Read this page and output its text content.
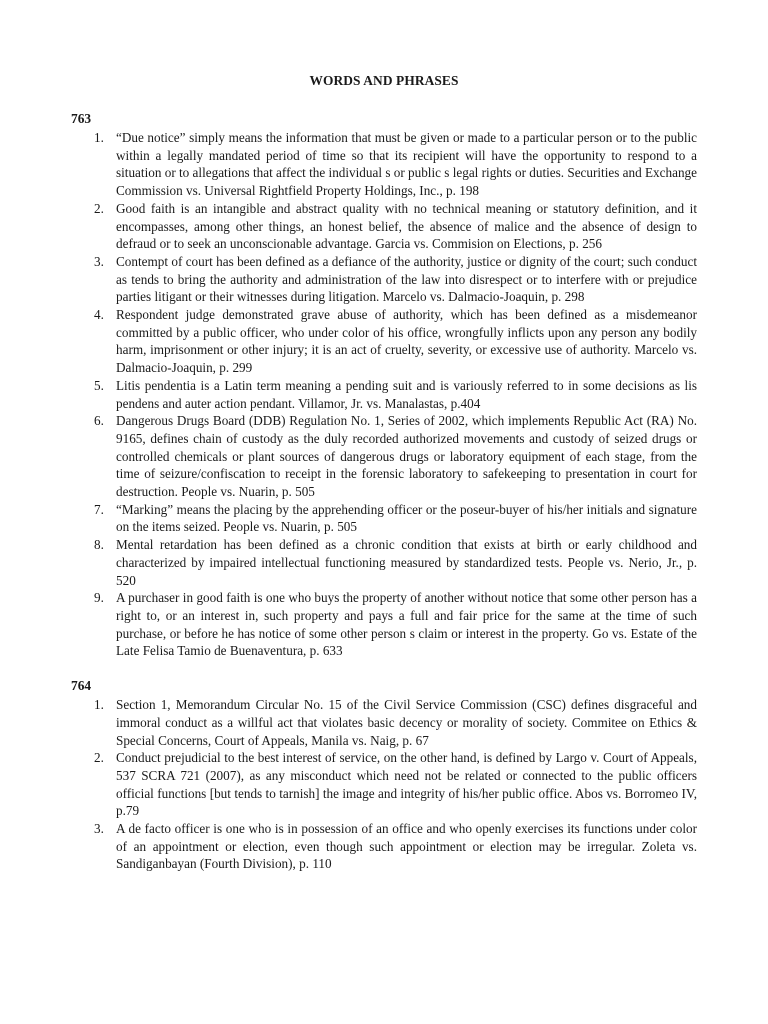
WORDS AND PHRASES
763
1. “Due notice” simply means the information that must be given or made to a particular person or to the public within a legally mandated period of time so that its recipient will have the opportunity to respond to a situation or to allegations that affect the individual s or public s legal rights or duties. Securities and Exchange Commission vs. Universal Rightfield Property Holdings, Inc., p. 198
2. Good faith is an intangible and abstract quality with no technical meaning or statutory definition, and it encompasses, among other things, an honest belief, the absence of malice and the absence of design to defraud or to seek an unconscionable advantage. Garcia vs. Commision on Elections, p. 256
3. Contempt of court has been defined as a defiance of the authority, justice or dignity of the court; such conduct as tends to bring the authority and administration of the law into disrespect or to interfere with or prejudice parties litigant or their witnesses during litigation. Marcelo vs. Dalmacio-Joaquin, p. 298
4. Respondent judge demonstrated grave abuse of authority, which has been defined as a misdemeanor committed by a public officer, who under color of his office, wrongfully inflicts upon any person any bodily harm, imprisonment or other injury; it is an act of cruelty, severity, or excessive use of authority. Marcelo vs. Dalmacio-Joaquin, p. 299
5. Litis pendentia is a Latin term meaning a pending suit and is variously referred to in some decisions as lis pendens and auter action pendant. Villamor, Jr. vs. Manalastas, p.404
6. Dangerous Drugs Board (DDB) Regulation No. 1, Series of 2002, which implements Republic Act (RA) No. 9165, defines chain of custody as the duly recorded authorized movements and custody of seized drugs or controlled chemicals or plant sources of dangerous drugs or laboratory equipment of each stage, from the time of seizure/confiscation to receipt in the forensic laboratory to safekeeping to presentation in court for destruction. People vs. Nuarin, p. 505
7. “Marking” means the placing by the apprehending officer or the poseur-buyer of his/her initials and signature on the items seized. People vs. Nuarin, p. 505
8. Mental retardation has been defined as a chronic condition that exists at birth or early childhood and characterized by impaired intellectual functioning measured by standardized tests. People vs. Nerio, Jr., p. 520
9. A purchaser in good faith is one who buys the property of another without notice that some other person has a right to, or an interest in, such property and pays a full and fair price for the same at the time of such purchase, or before he has notice of some other person s claim or interest in the property. Go vs. Estate of the Late Felisa Tamio de Buenaventura, p. 633
764
1. Section 1, Memorandum Circular No. 15 of the Civil Service Commission (CSC) defines disgraceful and immoral conduct as a willful act that violates basic decency or morality of society. Commitee on Ethics & Special Concerns, Court of Appeals, Manila vs. Naig, p. 67
2. Conduct prejudicial to the best interest of service, on the other hand, is defined by Largo v. Court of Appeals, 537 SCRA 721 (2007), as any misconduct which need not be related or connected to the public officers official functions [but tends to tarnish] the image and integrity of his/her public office. Abos vs. Borromeo IV, p.79
3. A de facto officer is one who is in possession of an office and who openly exercises its functions under color of an appointment or election, even though such appointment or election may be irregular. Zoleta vs. Sandiganbayan (Fourth Division), p. 110
